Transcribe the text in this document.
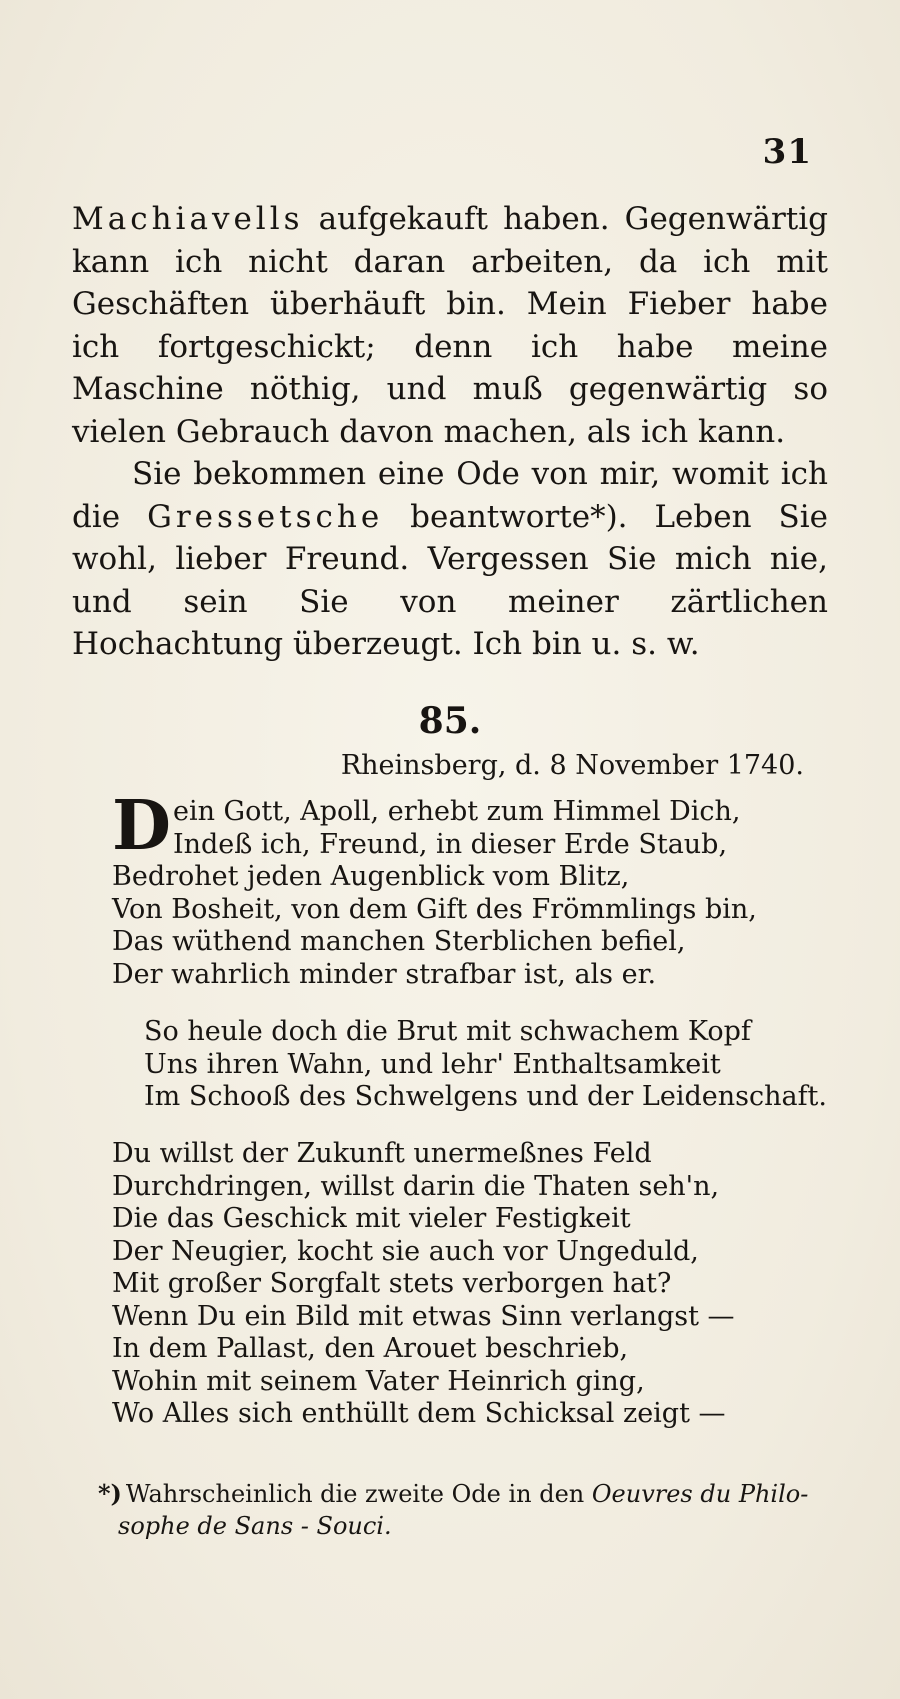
31

Machiavells aufgekauft haben. Gegenwärtig kann ich nicht daran arbeiten, da ich mit Geschäften überhäuft bin. Mein Fieber habe ich fortgeschickt; denn ich habe meine Maschine nöthig, und muß gegenwärtig so vielen Gebrauch davon machen, als ich kann.

Sie bekommen eine Ode von mir, womit ich die Gressetsche beantworte*). Leben Sie wohl, lieber Freund. Vergessen Sie mich nie, und sein Sie von meiner zärtlichen Hochachtung überzeugt. Ich bin u. s. w.

85.
Rheinsberg, d. 8 November 1740.
D ein Gott, Apoll, erhebt zum Himmel Dich,
Indeß ich, Freund, in dieser Erde Staub,
Bedrohet jeden Augenblick vom Blitz,
Von Bosheit, von dem Gift des Frömmlings bin,
Das wüthend manchen Sterblichen befiel,
Der wahrlich minder strafbar ist, als er.
So heule doch die Brut mit schwachem Kopf
Uns ihren Wahn, und lehr' Enthaltsamkeit
Im Schooß des Schwelgens und der Leidenschaft.
Du willst der Zukunft unermeßnes Feld
Durchdringen, willst darin die Thaten seh'n,
Die das Geschick mit vieler Festigkeit
Der Neugier, kocht sie auch vor Ungeduld,
Mit großer Sorgfalt stets verborgen hat?
Wenn Du ein Bild mit etwas Sinn verlangst —
In dem Pallast, den Arouet beschrieb,
Wohin mit seinem Vater Heinrich ging,
Wo Alles sich enthüllt dem Schicksal zeigt —
*) Wahrscheinlich die zweite Ode in den Oeuvres du Philo-
sophe de Sans - Souci.
